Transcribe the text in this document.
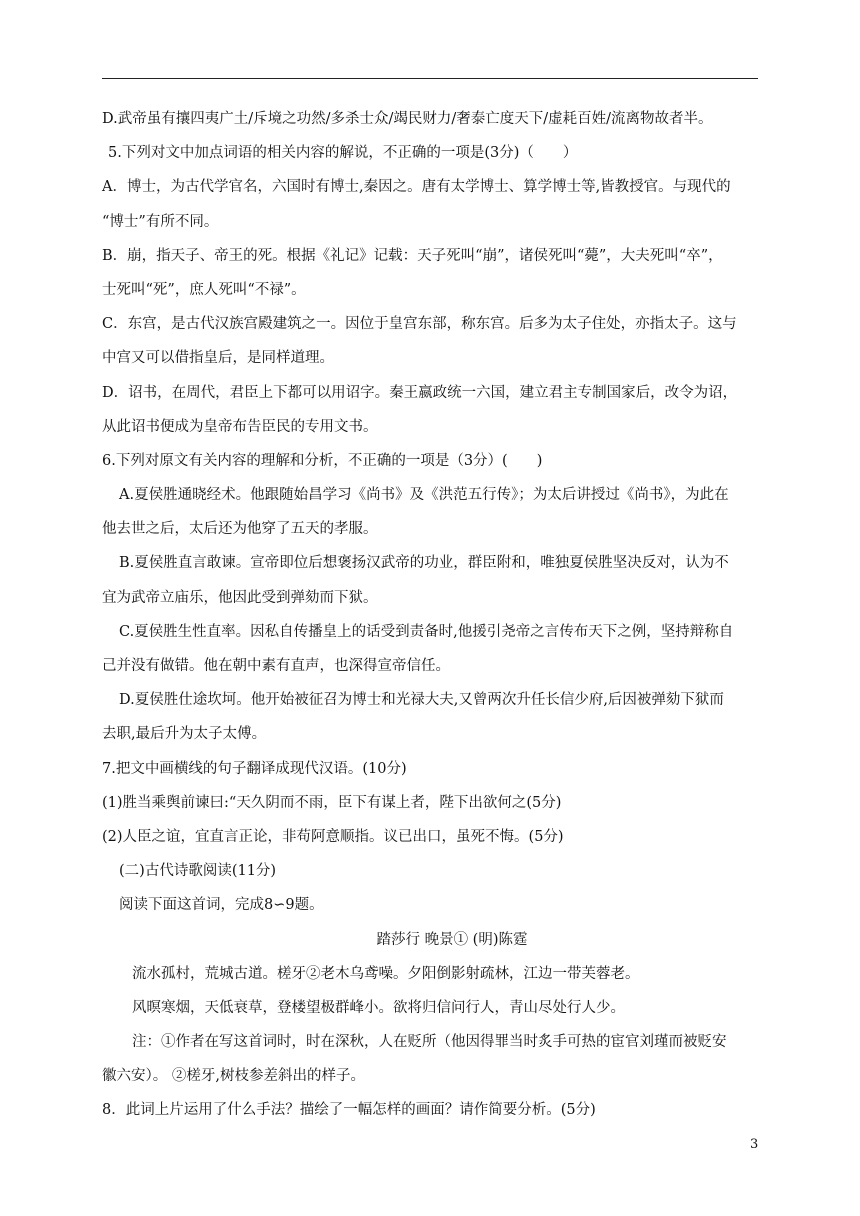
D.武帝虽有攘四夷广土/斥境之功然/多杀士众/竭民财力/奢泰亡度天下/虚耗百姓/流离物故者半。
5.下列对文中加点词语的相关内容的解说，不正确的一项是(3分)（　　）
A．博士，为古代学官名，六国时有博士,秦因之。唐有太学博士、算学博士等,皆教授官。与现代的
“博士”有所不同。
B．崩，指天子、帝王的死。根据《礼记》记载：天子死叫“崩”，诸侯死叫“薨”，大夫死叫“卒”，
士死叫“死”，庶人死叫“不禄”。
C．东宫，是古代汉族宫殿建筑之一。因位于皇宫东部，称东宫。后多为太子住处，亦指太子。这与
中宫又可以借指皇后，是同样道理。
D．诏书，在周代，君臣上下都可以用诏字。秦王嬴政统一六国，建立君主专制国家后，改令为诏，
从此诏书便成为皇帝布告臣民的专用文书。
6.下列对原文有关内容的理解和分析，不正确的一项是（3分）(　　)
A.夏侯胜通晓经术。他跟随始昌学习《尚书》及《洪范五行传》；为太后讲授过《尚书》，为此在
他去世之后，太后还为他穿了五天的孝服。
B.夏侯胜直言敢谏。宣帝即位后想褒扬汉武帝的功业，群臣附和，唯独夏侯胜坚决反对，认为不
宜为武帝立庙乐，他因此受到弹劾而下狱。
C.夏侯胜生性直率。因私自传播皇上的话受到责备时,他援引尧帝之言传布天下之例，坚持辩称自
己并没有做错。他在朝中素有直声，也深得宣帝信任。
D.夏侯胜仕途坎坷。他开始被征召为博士和光禄大夫,又曾两次升任长信少府,后因被弹劾下狱而
去职,最后升为太子太傅。
7.把文中画横线的句子翻译成现代汉语。(10分)
(1)胜当乘舆前谏曰:“天久阴而不雨，臣下有谋上者，陛下出欲何之(5分)
(2)人臣之谊，宜直言正论，非苟阿意顺指。议已出口，虽死不悔。(5分)
(二)古代诗歌阅读(11分)
阅读下面这首词，完成8∽9题。
踏莎行 晚景① (明)陈霆
流水孤村，荒城古道。槎牙②老木乌鸢噪。夕阳倒影射疏林，江边一带芙蓉老。
风暝寒烟，天低衰草，登楼望极群峰小。欲将归信问行人，青山尽处行人少。
注：①作者在写这首词时，时在深秋，人在贬所（他因得罪当时炙手可热的宦官刘瑾而被贬安
徽六安）。 ②槎牙,树枝参差斜出的样子。
8．此词上片运用了什么手法？描绘了一幅怎样的画面？请作简要分析。(5分)
3
